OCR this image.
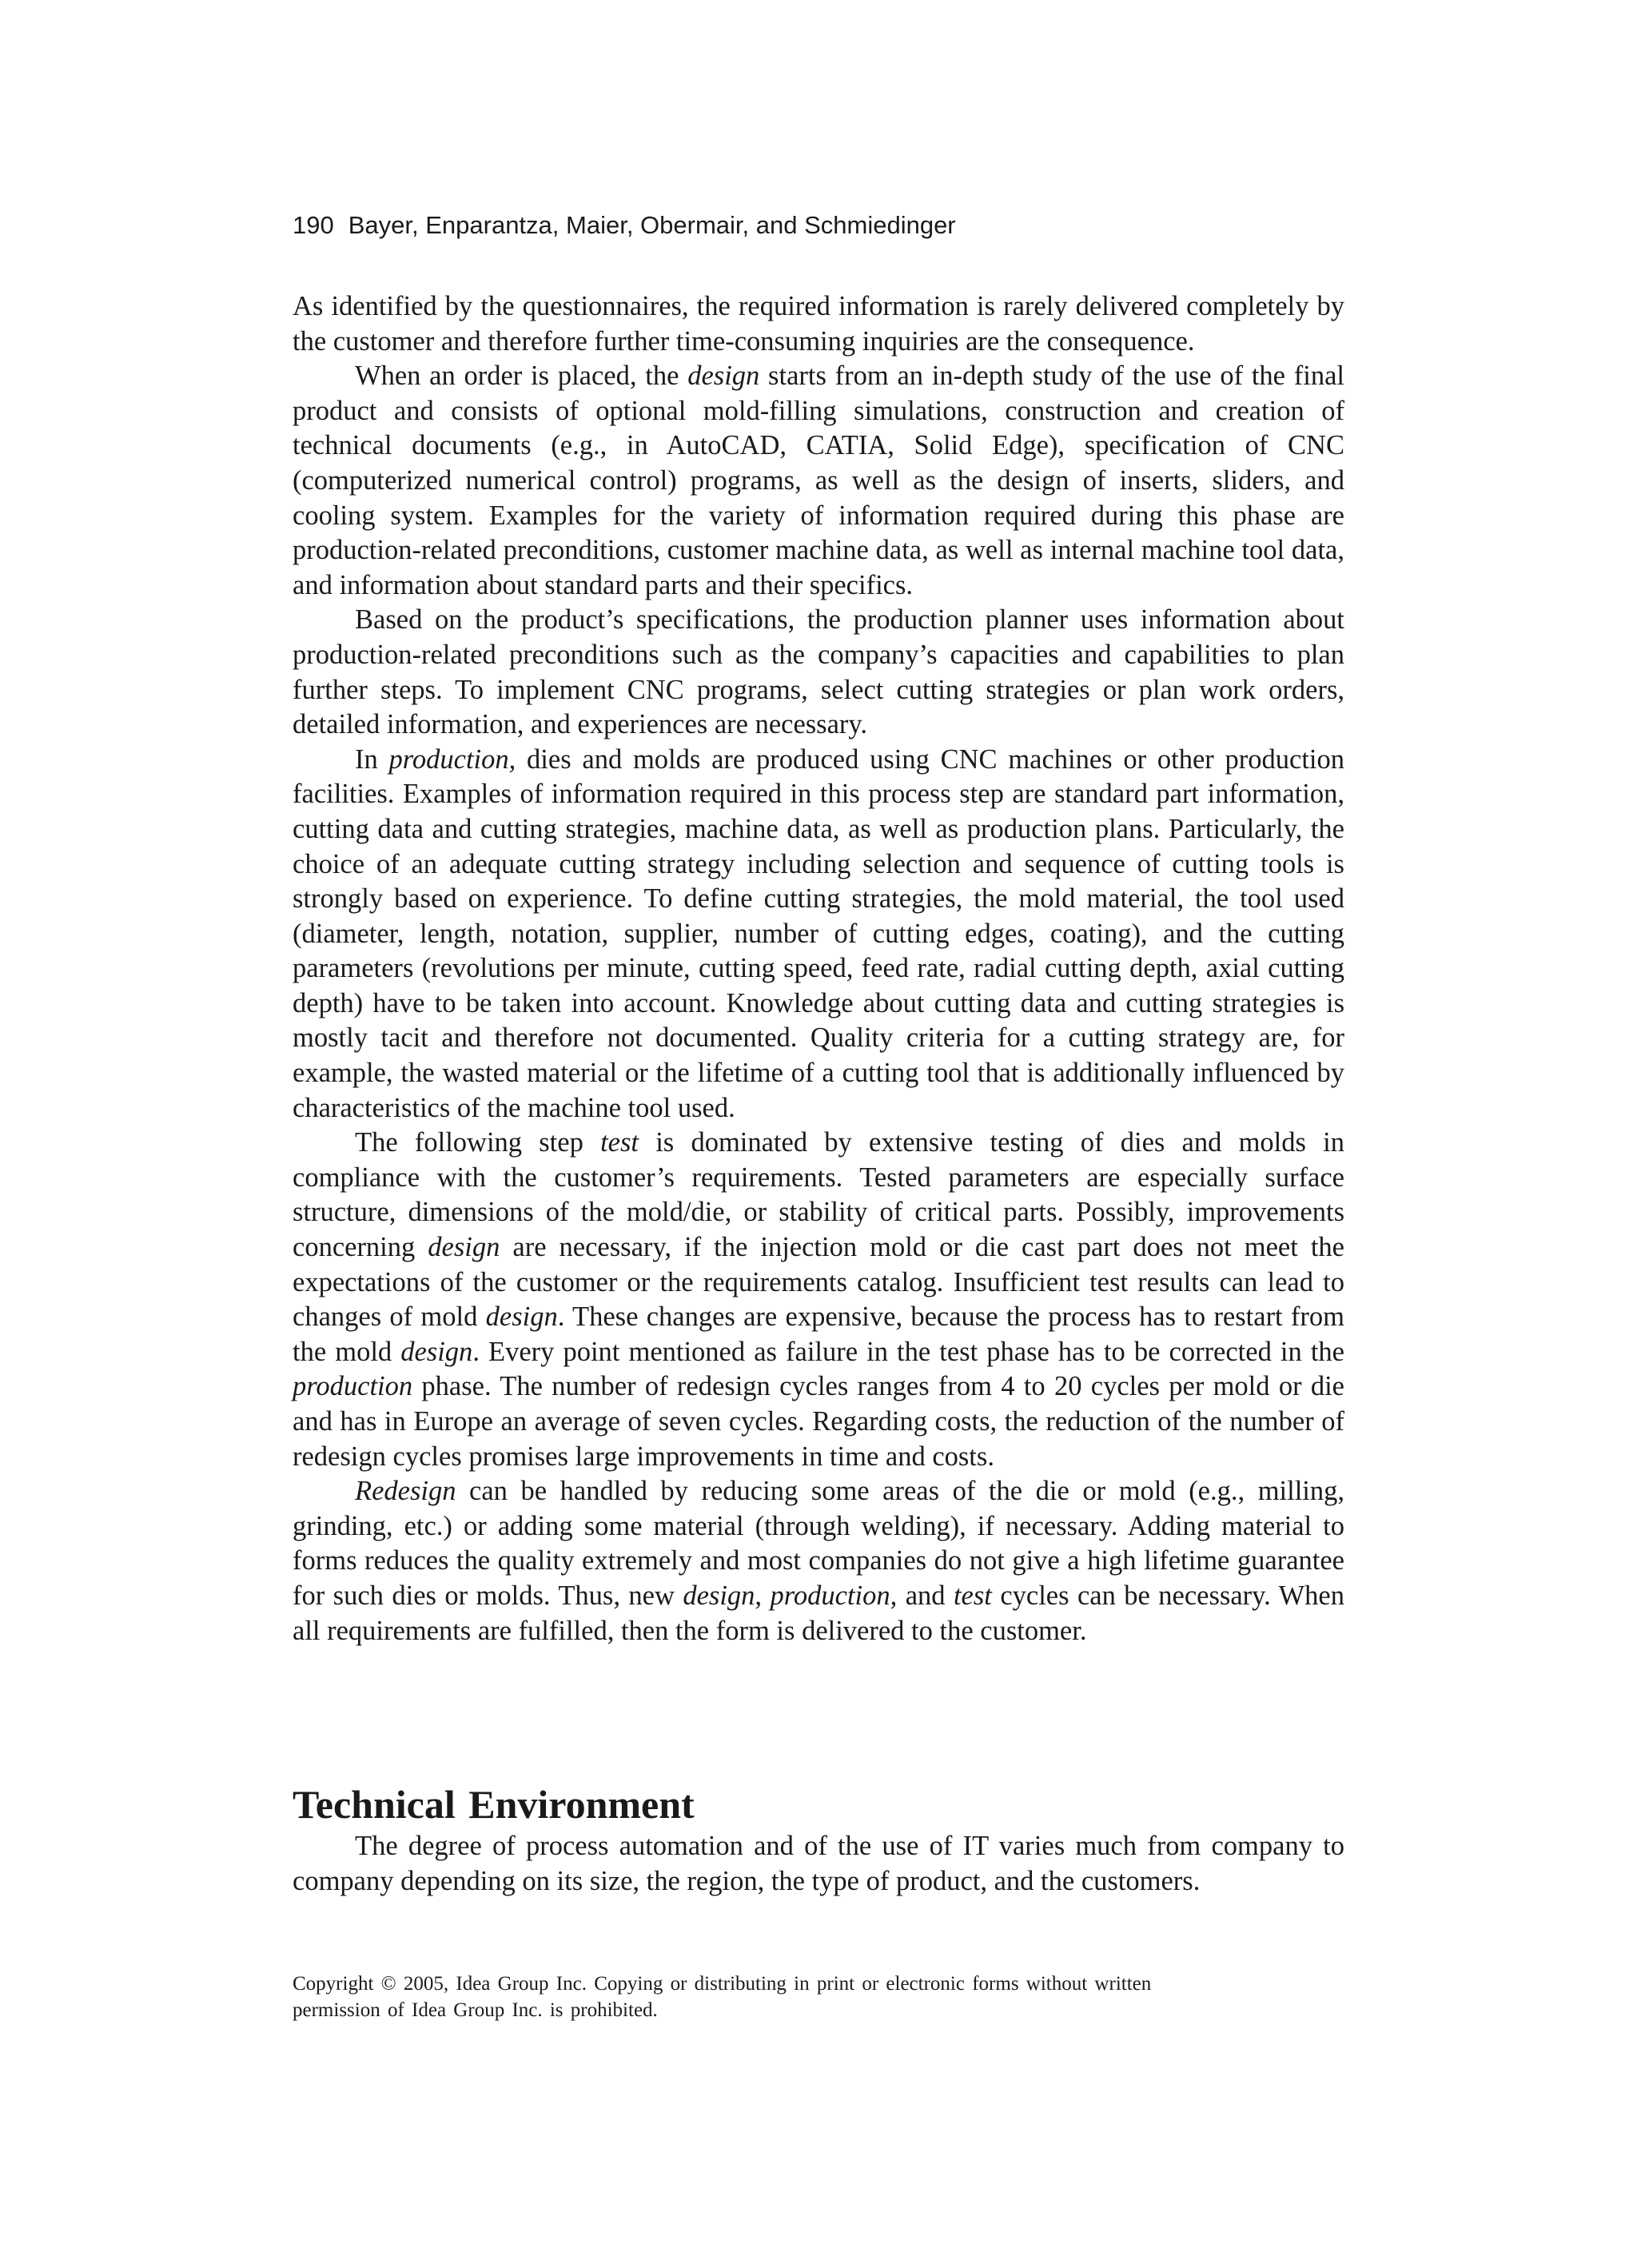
190 Bayer, Enparantza, Maier, Obermair, and Schmiedinger

As identified by the questionnaires, the required information is rarely delivered completely by the customer and therefore further time-consuming inquiries are the consequence.

When an order is placed, the design starts from an in-depth study of the use of the final product and consists of optional mold-filling simulations, construction and creation of technical documents (e.g., in AutoCAD, CATIA, Solid Edge), specification of CNC (computerized numerical control) programs, as well as the design of inserts, sliders, and cooling system. Examples for the variety of information required during this phase are production-related preconditions, customer machine data, as well as internal machine tool data, and information about standard parts and their specifics.

Based on the product’s specifications, the production planner uses information about production-related preconditions such as the company’s capacities and capabilities to plan further steps. To implement CNC programs, select cutting strategies or plan work orders, detailed information, and experiences are necessary.

In production, dies and molds are produced using CNC machines or other production facilities. Examples of information required in this process step are standard part information, cutting data and cutting strategies, machine data, as well as production plans. Particularly, the choice of an adequate cutting strategy including selection and sequence of cutting tools is strongly based on experience. To define cutting strategies, the mold material, the tool used (diameter, length, notation, supplier, number of cutting edges, coating), and the cutting parameters (revolutions per minute, cutting speed, feed rate, radial cutting depth, axial cutting depth) have to be taken into account. Knowledge about cutting data and cutting strategies is mostly tacit and therefore not documented. Quality criteria for a cutting strategy are, for example, the wasted material or the lifetime of a cutting tool that is additionally influenced by characteristics of the machine tool used.

The following step test is dominated by extensive testing of dies and molds in compliance with the customer’s requirements. Tested parameters are especially surface structure, dimensions of the mold/die, or stability of critical parts. Possibly, improvements concerning design are necessary, if the injection mold or die cast part does not meet the expectations of the customer or the requirements catalog. Insufficient test results can lead to changes of mold design. These changes are expensive, because the process has to restart from the mold design. Every point mentioned as failure in the test phase has to be corrected in the production phase. The number of redesign cycles ranges from 4 to 20 cycles per mold or die and has in Europe an average of seven cycles. Regarding costs, the reduction of the number of redesign cycles promises large improvements in time and costs.

Redesign can be handled by reducing some areas of the die or mold (e.g., milling, grinding, etc.) or adding some material (through welding), if necessary. Adding material to forms reduces the quality extremely and most companies do not give a high lifetime guarantee for such dies or molds. Thus, new design, production, and test cycles can be necessary. When all requirements are fulfilled, then the form is delivered to the customer.

Technical Environment

The degree of process automation and of the use of IT varies much from company to company depending on its size, the region, the type of product, and the customers.

Copyright © 2005, Idea Group Inc. Copying or distributing in print or electronic forms without written
permission of Idea Group Inc. is prohibited.
